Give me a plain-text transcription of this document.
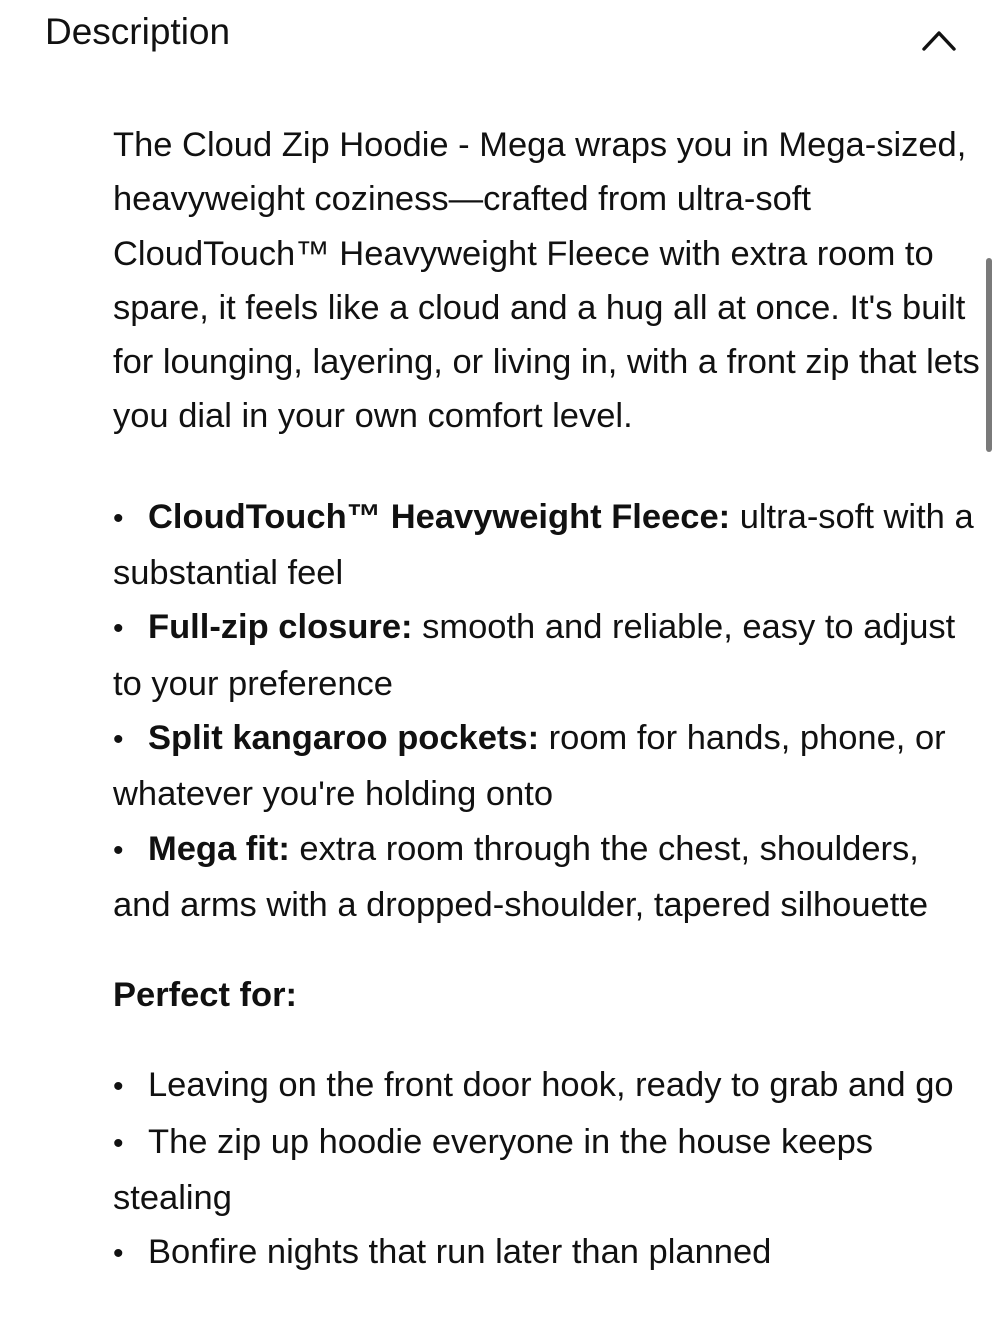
Description

The Cloud Zip Hoodie - Mega wraps you in Mega-sized, heavyweight coziness—crafted from ultra-soft CloudTouch™ Heavyweight Fleece with extra room to spare, it feels like a cloud and a hug all at once. It's built for lounging, layering, or living in, with a front zip that lets you dial in your own comfort level.

• CloudTouch™ Heavyweight Fleece: ultra-soft with a substantial feel
• Full-zip closure: smooth and reliable, easy to adjust to your preference
• Split kangaroo pockets: room for hands, phone, or whatever you're holding onto
• Mega fit: extra room through the chest, shoulders, and arms with a dropped-shoulder, tapered silhouette

Perfect for:

• Leaving on the front door hook, ready to grab and go
• The zip up hoodie everyone in the house keeps stealing
• Bonfire nights that run later than planned
